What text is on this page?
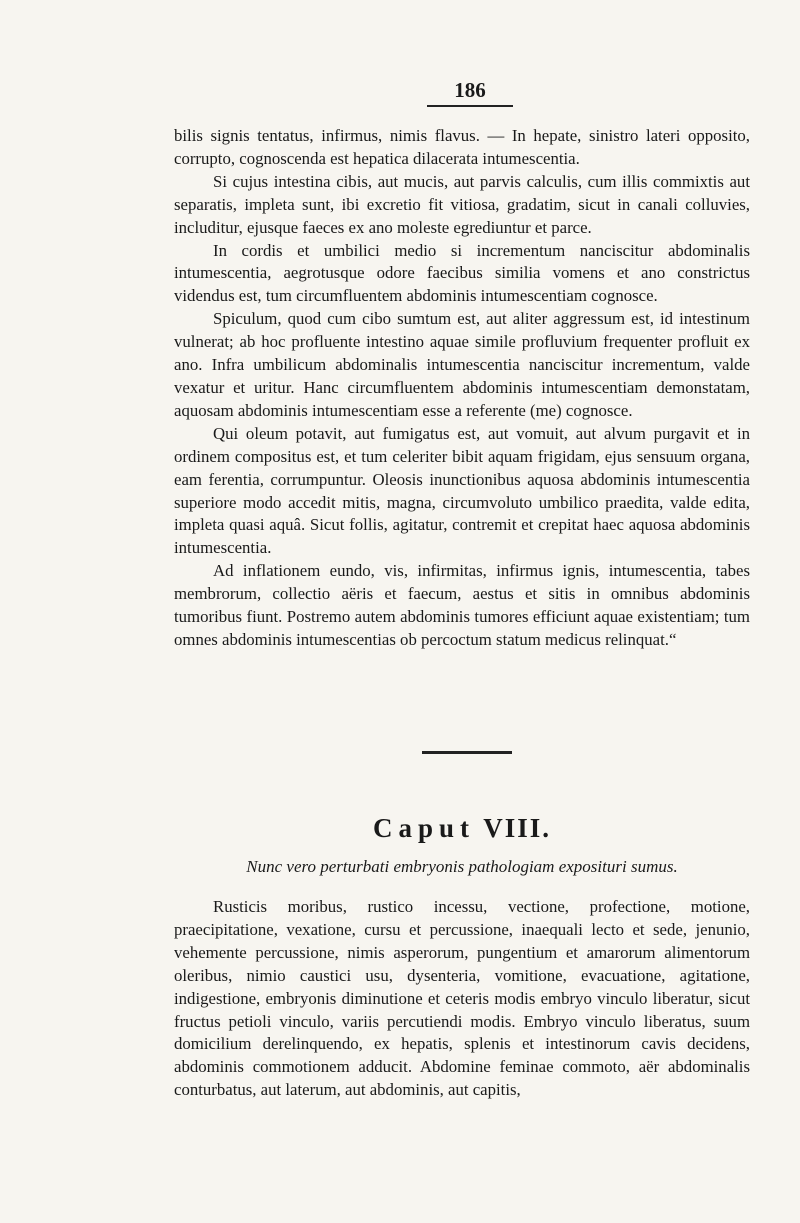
186

bilis signis tentatus, infirmus, nimis flavus. — In hepate, sinistro lateri opposito, corrupto, cognoscenda est hepatica dilacerata intumescentia.

Si cujus intestina cibis, aut mucis, aut parvis calculis, cum illis commixtis aut separatis, impleta sunt, ibi excretio fit vitiosa, gradatim, sicut in canali colluvies, includitur, ejusque faeces ex ano moleste egrediuntur et parce.

In cordis et umbilici medio si incrementum nanciscitur abdominalis intumescentia, aegrotusque odore faecibus similia vomens et ano constrictus videndus est, tum circumfluentem abdominis intumescentiam cognosce.

Spiculum, quod cum cibo sumtum est, aut aliter aggressum est, id intestinum vulnerat; ab hoc profluente intestino aquae simile profluvium frequenter profluit ex ano. Infra umbilicum abdominalis intumescentia nanciscitur incrementum, valde vexatur et uritur. Hanc circumfluentem abdominis intumescentiam demonstatam, aquosam abdominis intumescentiam esse a referente (me) cognosce.

Qui oleum potavit, aut fumigatus est, aut vomuit, aut alvum purgavit et in ordinem compositus est, et tum celeriter bibit aquam frigidam, ejus sensuum organa, eam ferentia, corrumpuntur. Oleosis inunctionibus aquosa abdominis intumescentia superiore modo accedit mitis, magna, circumvoluto umbilico praedita, valde edita, impleta quasi aquâ. Sicut follis, agitatur, contremit et crepitat haec aquosa abdominis intumescentia.

Ad inflationem eundo, vis, infirmitas, infirmus ignis, intumescentia, tabes membrorum, collectio aëris et faecum, aestus et sitis in omnibus abdominis tumoribus fiunt. Postremo autem abdominis tumores efficiunt aquae existentiam; tum omnes abdominis intumescentias ob percoctum statum medicus relinquat.“

Caput VIII.
Nunc vero perturbati embryonis pathologiam exposituri sumus.

Rusticis moribus, rustico incessu, vectione, profectione, motione, praecipitatione, vexatione, cursu et percussione, inaequali lecto et sede, jenunio, vehemente percussione, nimis asperorum, pungentium et amarorum alimentorum oleribus, nimio caustici usu, dysenteria, vomitione, evacuatione, agitatione, indigestione, embryonis diminutione et ceteris modis embryo vinculo liberatur, sicut fructus petioli vinculo, variis percutiendi modis. Embryo vinculo liberatus, suum domicilium derelinquendo, ex hepatis, splenis et intestinorum cavis decidens, abdominis commotionem adducit. Abdomine feminae commoto, aër abdominalis conturbatus, aut laterum, aut abdominis, aut capitis,
